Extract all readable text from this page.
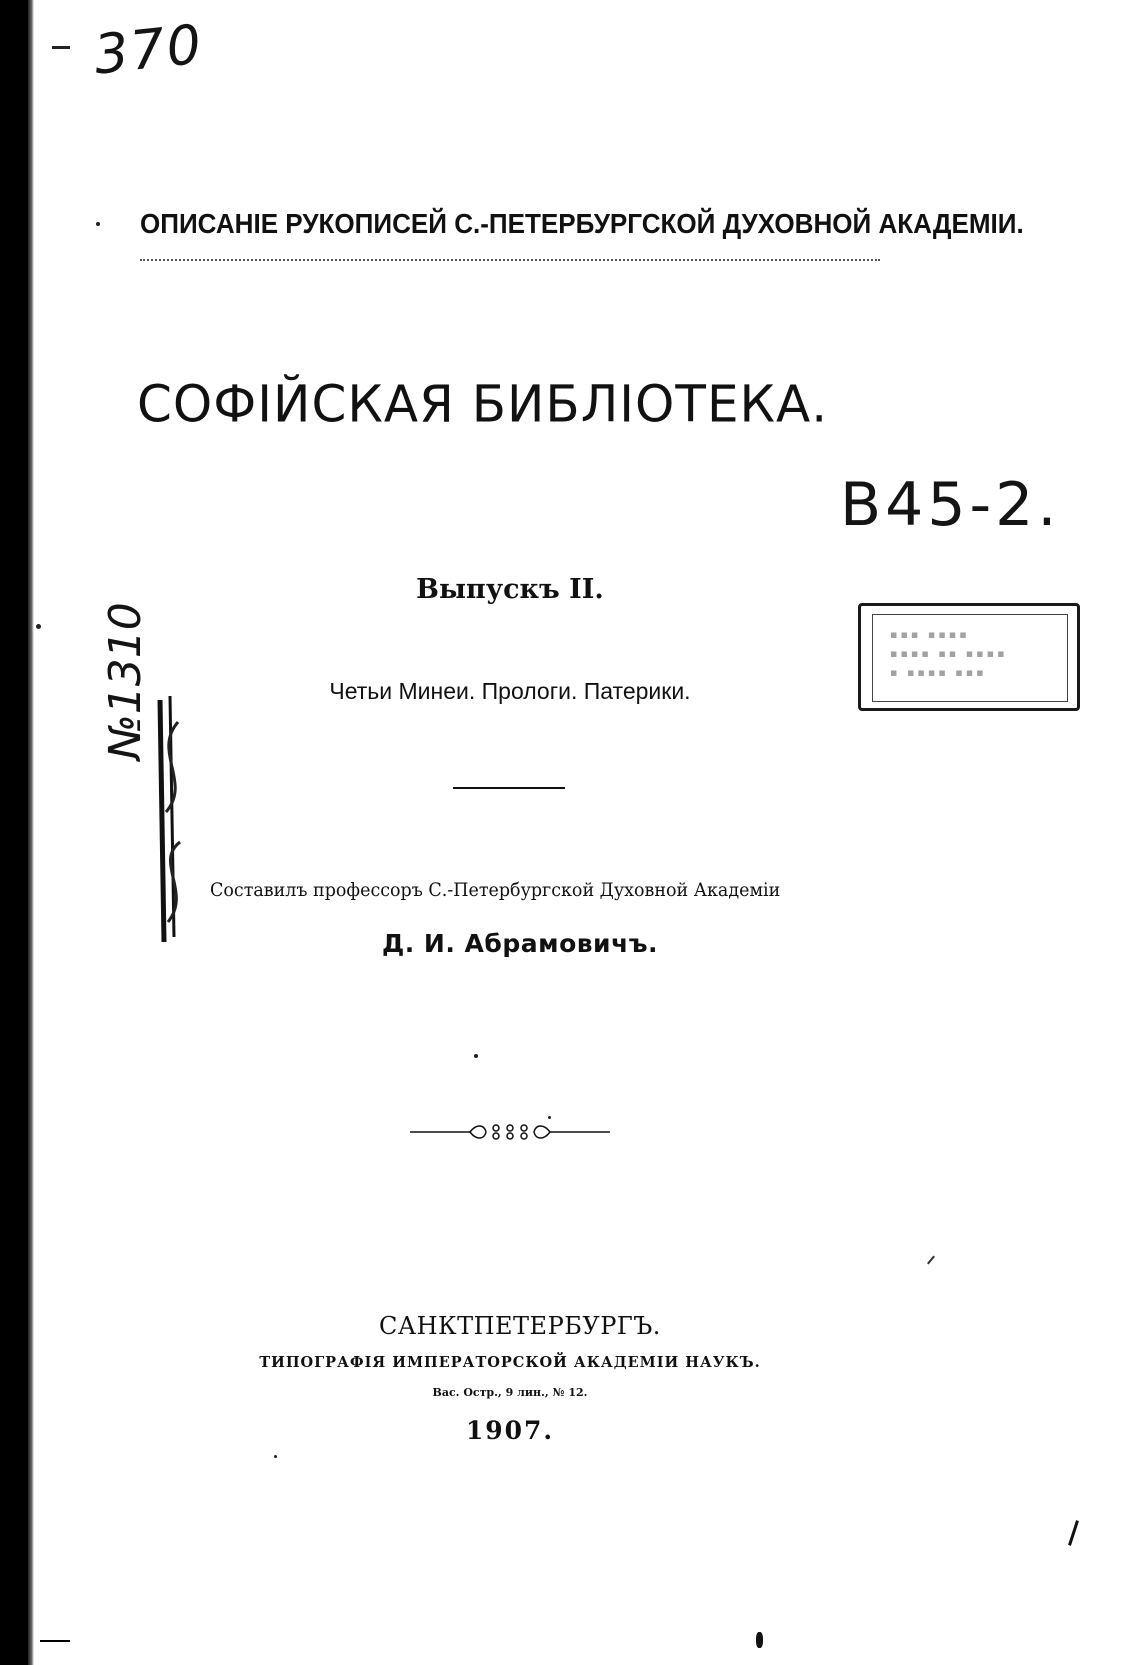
370
ОПИСАНІЕ РУКОПИСЕЙ С.-ПЕТЕРБУРГСКОЙ ДУХОВНОЙ АКАДЕМІИ.
СОФІЙСКАЯ БИБЛІОТЕКА.
B45-2.
▪▪▪ ▪▪▪▪
▪▪▪▪ ▪▪ ▪▪▪▪
▪ ▪▪▪▪ ▪▪▪
Выпускъ II.
Четьи Минеи. Прологи. Патерики.
№1310
Составилъ профессоръ С.-Петербургской Духовной Академіи
Д. И. Абрамовичъ.
САНКТПЕТЕРБУРГЪ.
ТИПОГРАФІЯ ИМПЕРАТОРСКОЙ АКАДЕМІИ НАУКЪ.
Вас. Остр., 9 лин., № 12.
1907.
